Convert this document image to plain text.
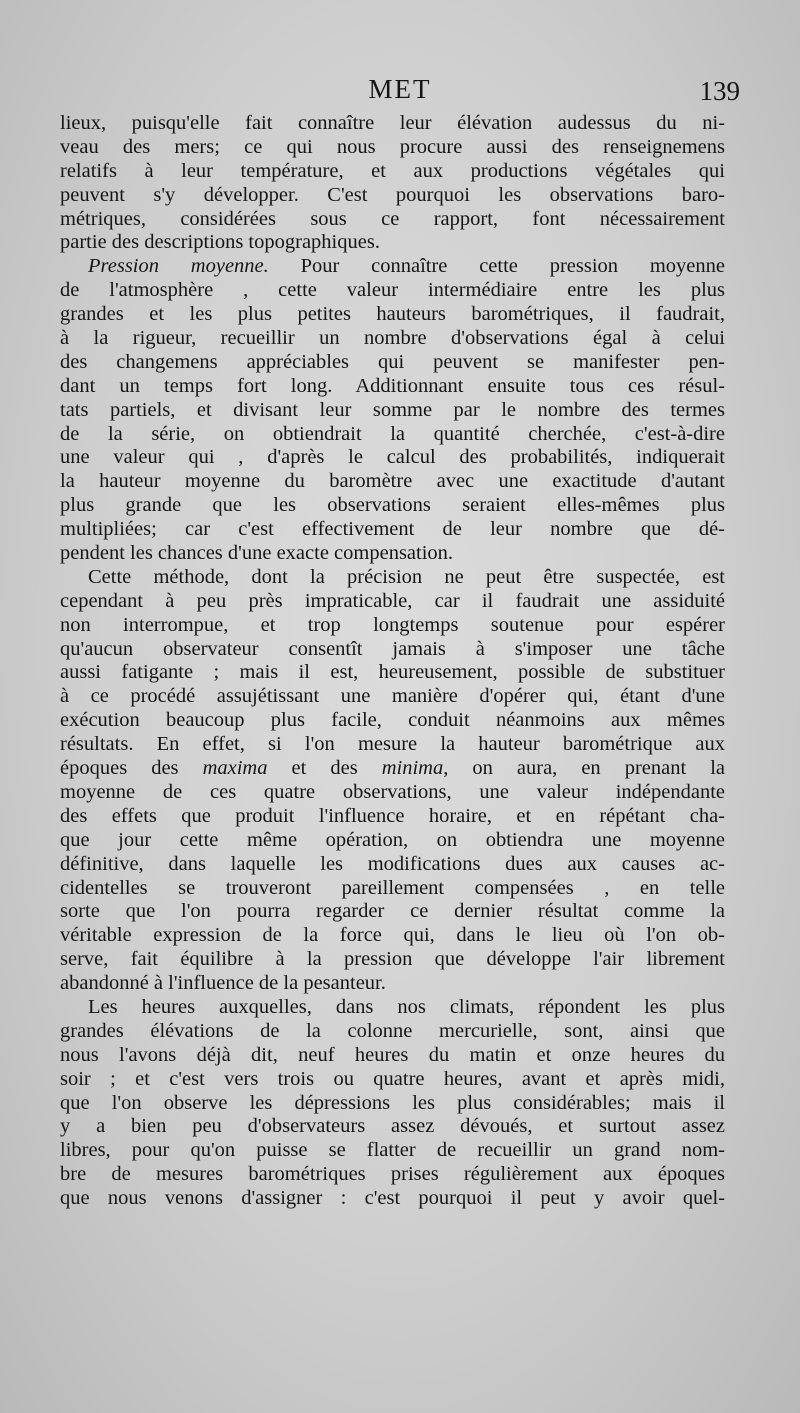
MET	139
lieux, puisqu'elle fait connaître leur élévation audessus du ni-
veau des mers; ce qui nous procure aussi des renseignemens
relatifs à leur température, et aux productions végétales qui
peuvent s'y développer. C'est pourquoi les observations baro-
métriques, considérées sous ce rapport, font nécessairement
partie des descriptions topographiques.
Pression moyenne. Pour connaître cette pression moyenne
de l'atmosphère , cette valeur intermédiaire entre les plus
grandes et les plus petites hauteurs barométriques, il faudrait,
à la rigueur, recueillir un nombre d'observations égal à celui
des changemens appréciables qui peuvent se manifester pen-
dant un temps fort long. Additionnant ensuite tous ces résul-
tats partiels, et divisant leur somme par le nombre des termes
de la série, on obtiendrait la quantité cherchée, c'est-à-dire
une valeur qui , d'après le calcul des probabilités, indiquerait
la hauteur moyenne du baromètre avec une exactitude d'autant
plus grande que les observations seraient elles-mêmes plus
multipliées; car c'est effectivement de leur nombre que dé-
pendent les chances d'une exacte compensation.
Cette méthode, dont la précision ne peut être suspectée, est
cependant à peu près impraticable, car il faudrait une assiduité
non interrompue, et trop longtemps soutenue pour espérer
qu'aucun observateur consentît jamais à s'imposer une tâche
aussi fatigante ; mais il est, heureusement, possible de substituer
à ce procédé assujétissant une manière d'opérer qui, étant d'une
exécution beaucoup plus facile, conduit néanmoins aux mêmes
résultats. En effet, si l'on mesure la hauteur barométrique aux
époques des maxima et des minima, on aura, en prenant la
moyenne de ces quatre observations, une valeur indépendante
des effets que produit l'influence horaire, et en répétant cha-
que jour cette même opération, on obtiendra une moyenne
définitive, dans laquelle les modifications dues aux causes ac-
cidentelles se trouveront pareillement compensées , en telle
sorte que l'on pourra regarder ce dernier résultat comme la
véritable expression de la force qui, dans le lieu où l'on ob-
serve, fait équilibre à la pression que développe l'air librement
abandonné à l'influence de la pesanteur.
Les heures auxquelles, dans nos climats, répondent les plus
grandes élévations de la colonne mercurielle, sont, ainsi que
nous l'avons déjà dit, neuf heures du matin et onze heures du
soir ; et c'est vers trois ou quatre heures, avant et après midi,
que l'on observe les dépressions les plus considérables; mais il
y a bien peu d'observateurs assez dévoués, et surtout assez
libres, pour qu'on puisse se flatter de recueillir un grand nom-
bre de mesures barométriques prises régulièrement aux époques
que nous venons d'assigner : c'est pourquoi il peut y avoir quel-
